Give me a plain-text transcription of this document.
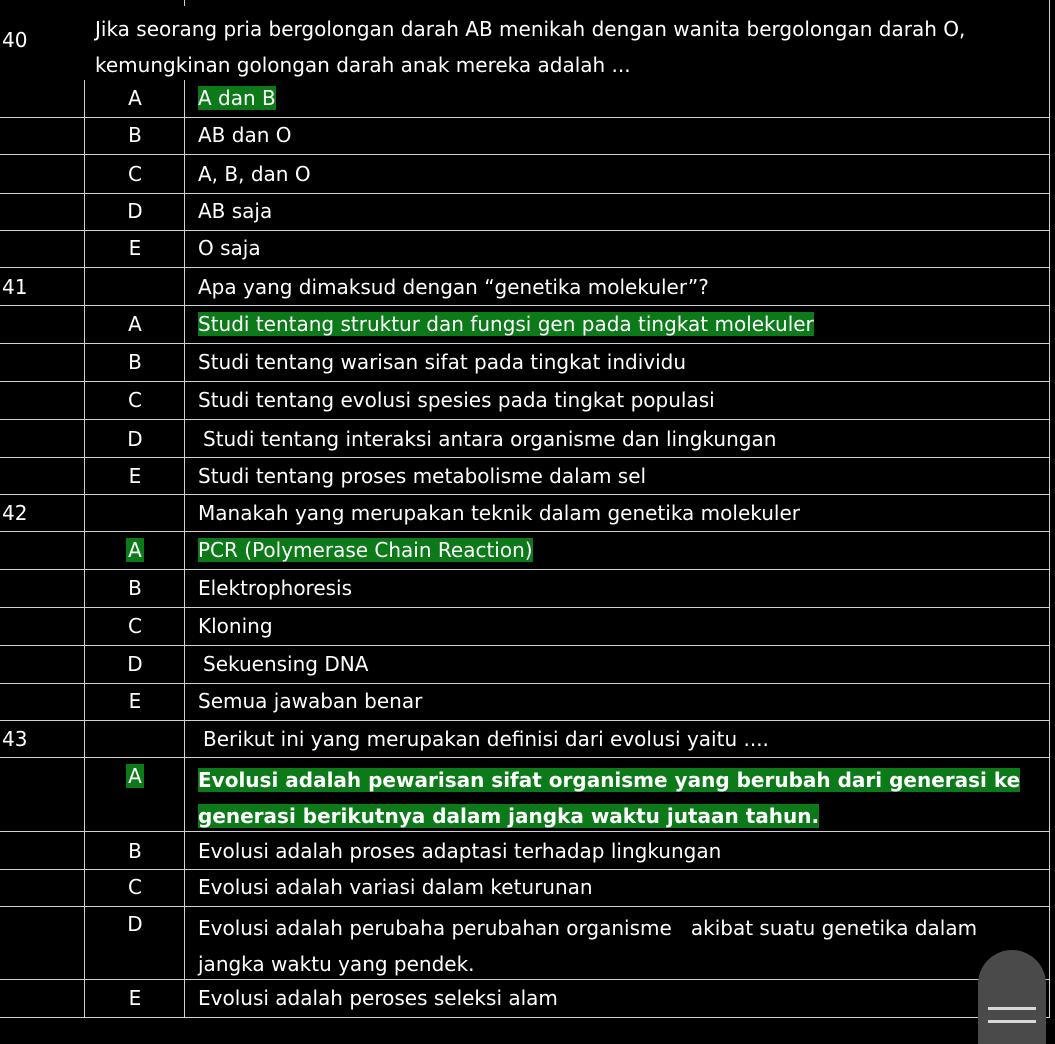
40	Jika seorang pria bergolongan darah AB menikah dengan wanita bergolongan darah O,
kemungkinan golongan darah anak mereka adalah ...
A	A dan B
B	AB dan O
C	A, B, dan O
D	AB saja
E	O saja
41	Apa yang dimaksud dengan “genetika molekuler”?
A	Studi tentang struktur dan fungsi gen pada tingkat molekuler
B	Studi tentang warisan sifat pada tingkat individu
C	Studi tentang evolusi spesies pada tingkat populasi
D	Studi tentang interaksi antara organisme dan lingkungan
E	Studi tentang proses metabolisme dalam sel
42	Manakah yang merupakan teknik dalam genetika molekuler
A	PCR (Polymerase Chain Reaction)
B	Elektrophoresis
C	Kloning
D	Sekuensing DNA
E	Semua jawaban benar
43	Berikut ini yang merupakan definisi dari evolusi yaitu ....
A	Evolusi adalah pewarisan sifat organisme yang berubah dari generasi ke
generasi berikutnya dalam jangka waktu jutaan tahun.
B	Evolusi adalah proses adaptasi terhadap lingkungan
C	Evolusi adalah variasi dalam keturunan
D	Evolusi adalah perubaha perubahan organisme   akibat suatu genetika dalam
jangka waktu yang pendek.
E	Evolusi adalah peroses seleksi alam
